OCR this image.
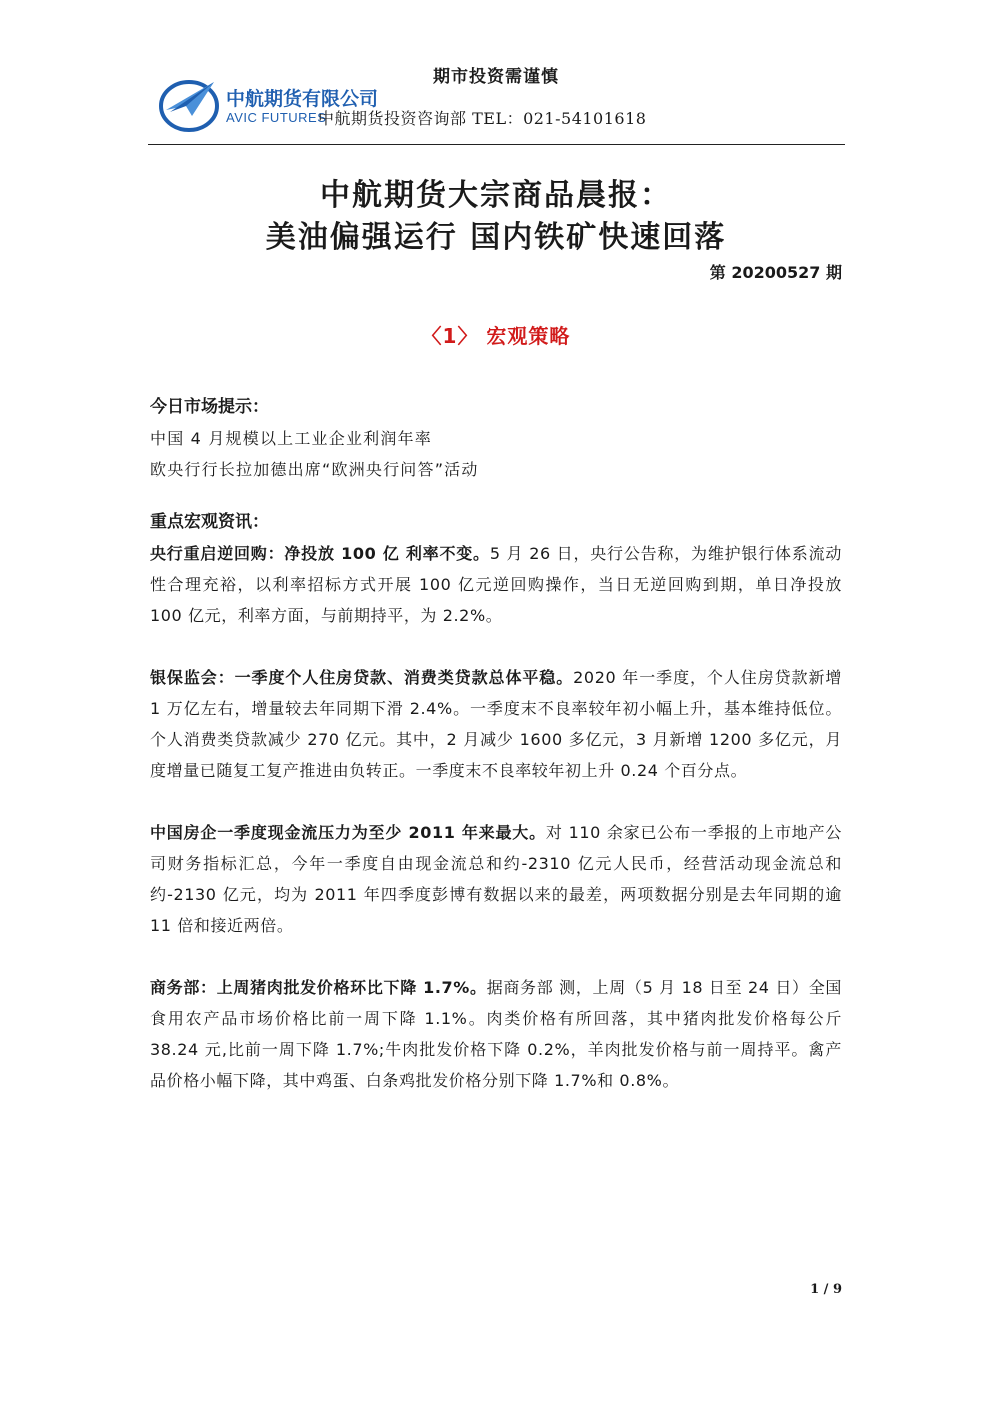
期市投资需谨慎
AVIC
中航期货有限公司
AVIC FUTURES
中航期货投资咨询部 TEL：021-54101618
中航期货大宗商品晨报：
美油偏强运行 国内铁矿快速回落
第 20200527 期
〈1〉 宏观策略

今日市场提示：

中国 4 月规模以上工业企业利润年率

欧央行行长拉加德出席“欧洲央行问答”活动

重点宏观资讯：

央行重启逆回购：净投放 100 亿 利率不变。5 月 26 日，央行公告称，为维护银行体系流动性合理充裕，以利率招标方式开展 100 亿元逆回购操作，当日无逆回购到期，单日净投放 100 亿元，利率方面，与前期持平，为 2.2%。

银保监会：一季度个人住房贷款、消费类贷款总体平稳。2020 年一季度，个人住房贷款新增 1 万亿左右，增量较去年同期下滑 2.4%。一季度末不良率较年初小幅上升，基本维持低位。个人消费类贷款减少 270 亿元。其中，2 月减少 1600 多亿元，3 月新增 1200 多亿元，月度增量已随复工复产推进由负转正。一季度末不良率较年初上升 0.24 个百分点。

中国房企一季度现金流压力为至少 2011 年来最大。对 110 余家已公布一季报的上市地产公司财务指标汇总，今年一季度自由现金流总和约-2310 亿元人民币，经营活动现金流总和约-2130 亿元，均为 2011 年四季度彭博有数据以来的最差，两项数据分别是去年同期的逾 11 倍和接近两倍。

商务部：上周猪肉批发价格环比下降 1.7%。据商务部 测，上周（5 月 18 日至 24 日）全国食用农产品市场价格比前一周下降 1.1%。肉类价格有所回落，其中猪肉批发价格每公斤 38.24 元,比前一周下降 1.7%;牛肉批发价格下降 0.2%，羊肉批发价格与前一周持平。禽产品价格小幅下降，其中鸡蛋、白条鸡批发价格分别下降 1.7%和 0.8%。

1 / 9
